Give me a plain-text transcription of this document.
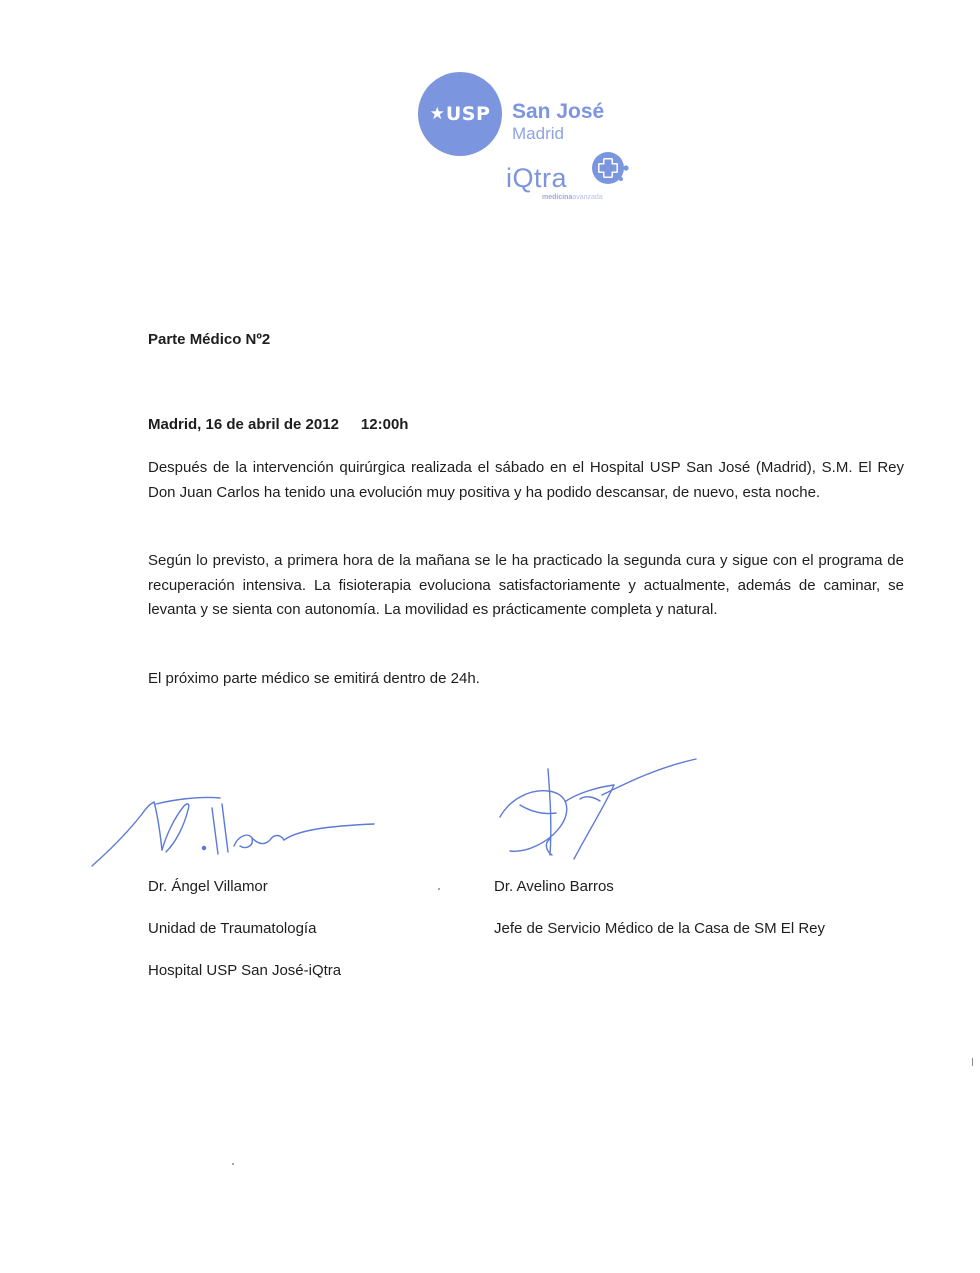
★ USP San José
Madrid
iQtra
medicinaavanzada
Parte Médico Nº2
Madrid, 16 de abril de 2012 12:00h

Después de la intervención quirúrgica realizada el sábado en el Hospital USP San José (Madrid), S.M. El Rey Don Juan Carlos ha tenido una evolución muy positiva y ha podido descansar, de nuevo, esta noche.

Según lo previsto, a primera hora de la mañana se le ha practicado la segunda cura y sigue con el programa de recuperación intensiva. La fisioterapia evoluciona satisfactoriamente y actualmente, además de caminar, se levanta y se sienta con autonomía. La movilidad es prácticamente completa y natural.

El próximo parte médico se emitirá dentro de 24h.

Dr. Ángel Villamor
Unidad de Traumatología
Hospital USP San José-iQtra
Dr. Avelino Barros
Jefe de Servicio Médico de la Casa de SM El Rey
